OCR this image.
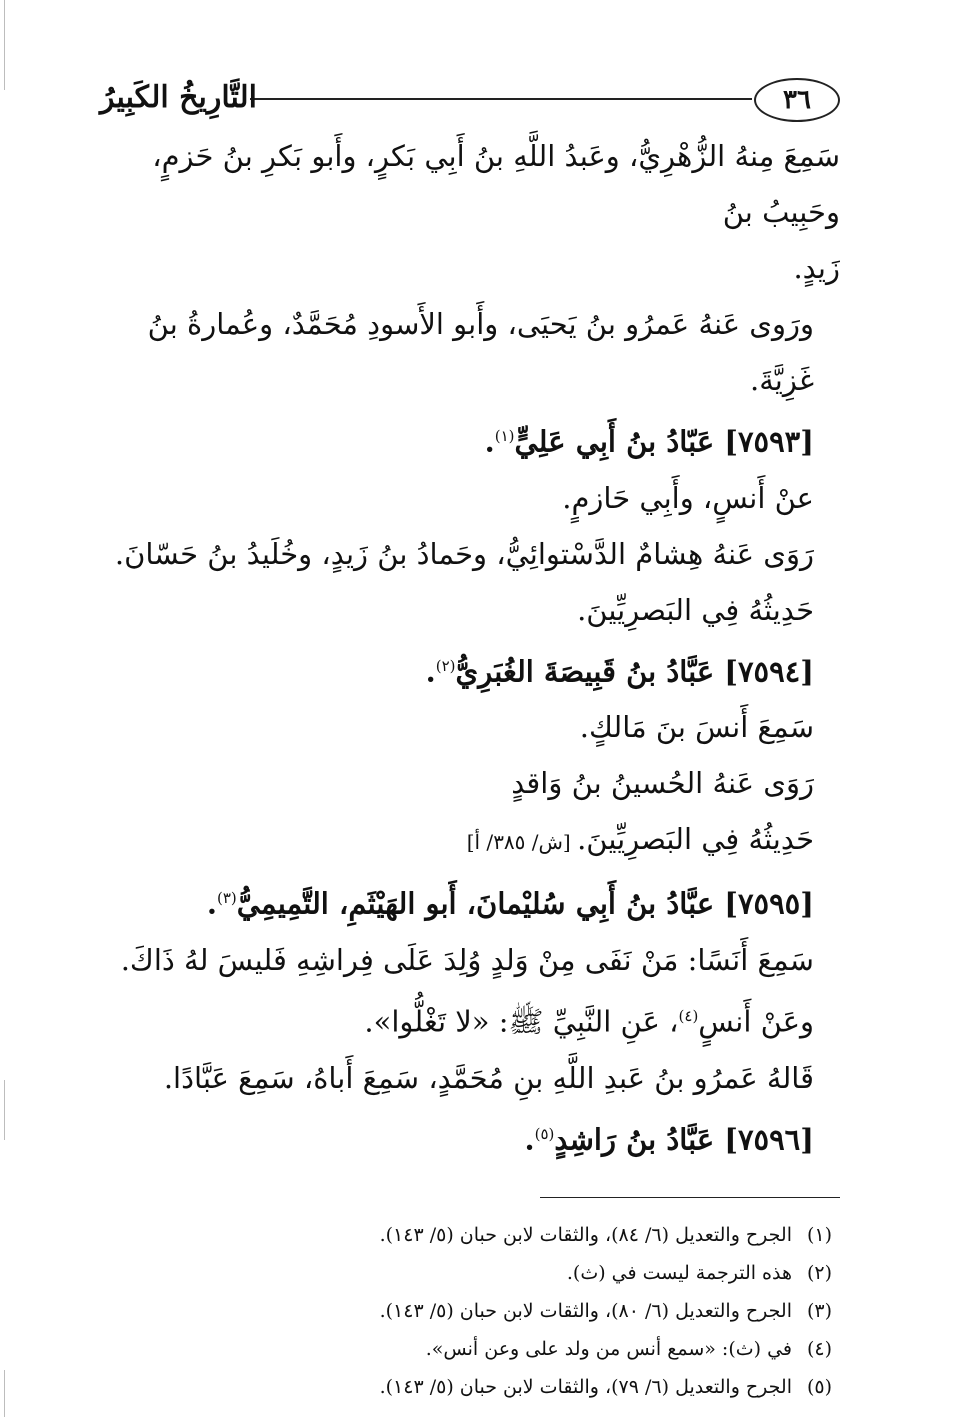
٣٦
التَّارِيخُ الكَبِيرُ

سَمِعَ مِنهُ الزُّهْرِيُّ، وعَبدُ اللَّهِ بنُ أَبِي بَكرٍ، وأَبو بَكرِ بنُ حَزمٍ، وحَبِيبُ بنُ

زَيدٍ.

ورَوى عَنهُ عَمرُو بنُ يَحيَى، وأَبو الأَسودِ مُحَمَّدٌ، وعُمارةُ بنُ غَزِيَّةَ.

[٧٥٩٣] عَبّادُ بنُ أَبِي عَلِيٍّ$^{(١)}$.

عنْ أَنسٍ، وأَبِي حَازمٍ.

رَوَى عَنهُ هِشامٌ الدَّسْتوائِيُّ، وحَمادُ بنُ زَيدٍ، وخُلَيدُ بنُ حَسّانَ.

حَدِيثُهُ فِي البَصرِيِّينَ.

[٧٥٩٤] عَبَّادُ بنُ قَبِيصَةَ الغُبَرِيُّ$^{(٢)}$.

سَمِعَ أَنسَ بنَ مَالكٍ.

رَوَى عَنهُ الحُسينُ بنُ وَاقدٍ

حَدِيثُهُ فِي البَصرِيِّينَ. [ش/ ٣٨٥/ أ]

[٧٥٩٥] عبَّادُ بنُ أَبِي سُليْمانَ، أَبو الهَيْثَمِ، التَّمِيمِيُّ$^{(٣)}$.

سَمِعَ أَنَسًا: مَنْ نَفَى مِنْ وَلدٍ وُلِدَ عَلَى فِراشِهِ فَليسَ لهُ ذَاكَ.

وعَنْ أَنسٍ$^{(٤)}$، عَنِ النَّبِيِّ ﷺ: «لا تَغْلُّوا».

قَالهُ عَمرُو بنُ عَبدِ اللَّهِ بنِ مُحَمَّدٍ، سَمِعَ أَباهُ، سَمِعَ عَبَّادًا.

[٧٥٩٦] عَبَّادُ بنُ رَاشِدٍ$^{(٥)}$.

(١)الجرح والتعديل (٦/ ٨٤)، والثقات لابن حبان (٥/ ١٤٣).

(٢)هذه الترجمة ليست في (ث).

(٣)الجرح والتعديل (٦/ ٨٠)، والثقات لابن حبان (٥/ ١٤٣).

(٤)في (ث): «سمع أنس من ولد على وعن أنس».

(٥)الجرح والتعديل (٦/ ٧٩)، والثقات لابن حبان (٥/ ١٤٣).
